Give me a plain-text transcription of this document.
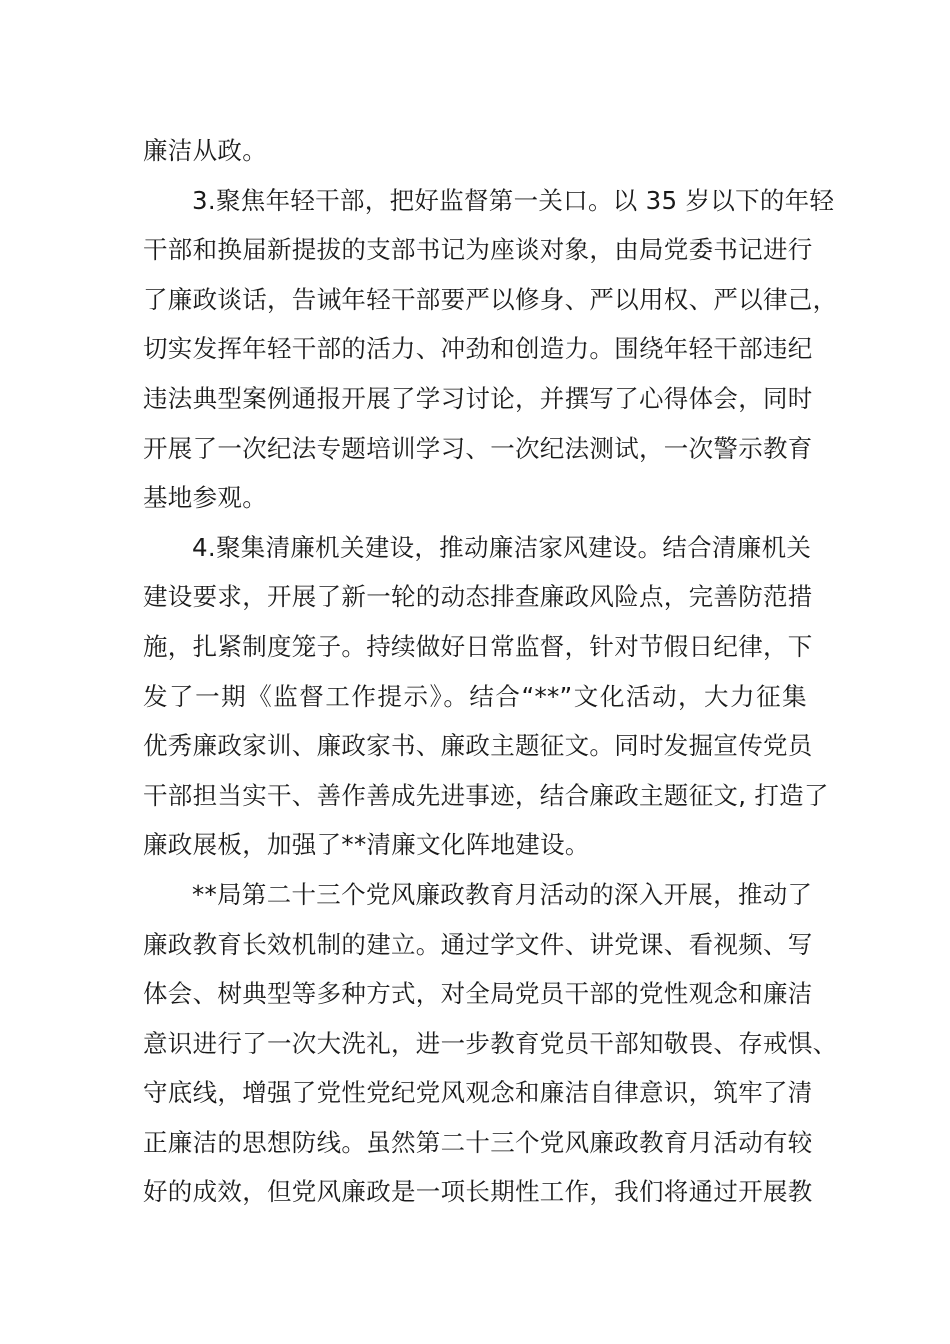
廉洁从政。

3.聚焦年轻干部，把好监督第一关口。以 35 岁以下的年轻
干部和换届新提拔的支部书记为座谈对象，由局党委书记进行
了廉政谈话，告诫年轻干部要严以修身、严以用权、严以律己，
切实发挥年轻干部的活力、冲劲和创造力。围绕年轻干部违纪
违法典型案例通报开展了学习讨论，并撰写了心得体会，同时
开展了一次纪法专题培训学习、一次纪法测试，一次警示教育
基地参观。

4.聚集清廉机关建设，推动廉洁家风建设。结合清廉机关
建设要求，开展了新一轮的动态排查廉政风险点，完善防范措
施，扎紧制度笼子。持续做好日常监督，针对节假日纪律，下
发了一期《监督工作提示》。结合“**”文化活动，大力征集
优秀廉政家训、廉政家书、廉政主题征文。同时发掘宣传党员
干部担当实干、善作善成先进事迹，结合廉政主题征文, 打造了
廉政展板，加强了**清廉文化阵地建设。

**局第二十三个党风廉政教育月活动的深入开展，推动了
廉政教育长效机制的建立。通过学文件、讲党课、看视频、写
体会、树典型等多种方式，对全局党员干部的党性观念和廉洁
意识进行了一次大洗礼，进一步教育党员干部知敬畏、存戒惧、
守底线，增强了党性党纪党风观念和廉洁自律意识，筑牢了清
正廉洁的思想防线。虽然第二十三个党风廉政教育月活动有较
好的成效，但党风廉政是一项长期性工作，我们将通过开展教
